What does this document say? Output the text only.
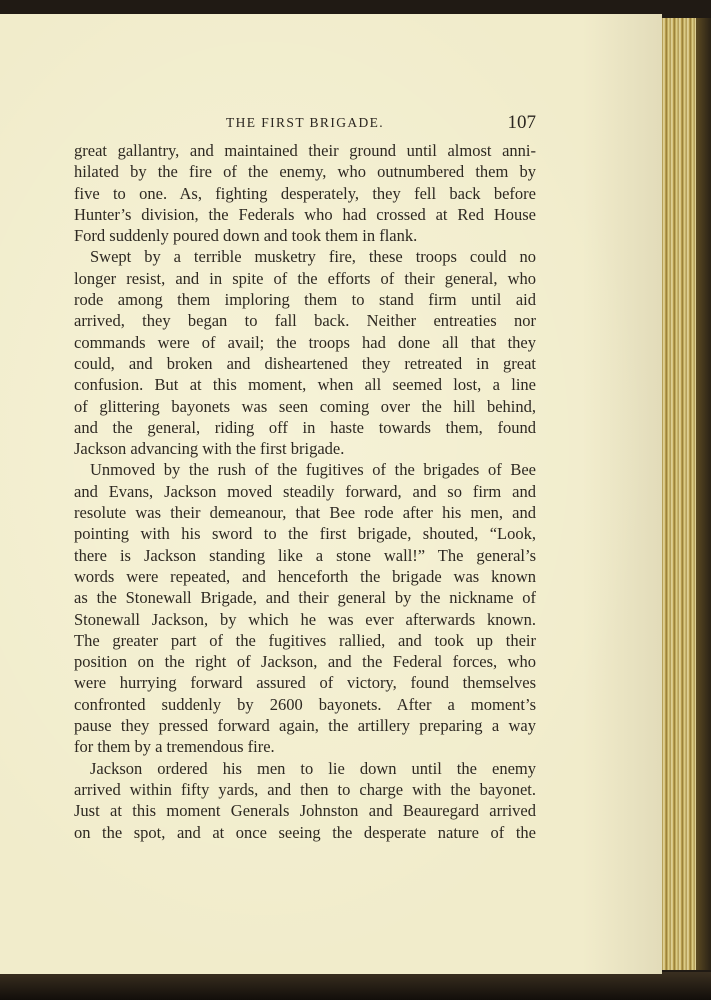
THE FIRST BRIGADE.	107
great gallantry, and maintained their ground until almost anni-
hilated by the fire of the enemy, who outnumbered them by
five to one. As, fighting desperately, they fell back before
Hunter’s division, the Federals who had crossed at Red House
Ford suddenly poured down and took them in flank.
Swept by a terrible musketry fire, these troops could no
longer resist, and in spite of the efforts of their general, who
rode among them imploring them to stand firm until aid
arrived, they began to fall back. Neither entreaties nor
commands were of avail; the troops had done all that they
could, and broken and disheartened they retreated in great
confusion. But at this moment, when all seemed lost, a line
of glittering bayonets was seen coming over the hill behind,
and the general, riding off in haste towards them, found
Jackson advancing with the first brigade.
Unmoved by the rush of the fugitives of the brigades of Bee
and Evans, Jackson moved steadily forward, and so firm and
resolute was their demeanour, that Bee rode after his men, and
pointing with his sword to the first brigade, shouted, “Look,
there is Jackson standing like a stone wall!” The general’s
words were repeated, and henceforth the brigade was known
as the Stonewall Brigade, and their general by the nickname of
Stonewall Jackson, by which he was ever afterwards known.
The greater part of the fugitives rallied, and took up their
position on the right of Jackson, and the Federal forces, who
were hurrying forward assured of victory, found themselves
confronted suddenly by 2600 bayonets. After a moment’s
pause they pressed forward again, the artillery preparing a way
for them by a tremendous fire.
Jackson ordered his men to lie down until the enemy
arrived within fifty yards, and then to charge with the bayonet.
Just at this moment Generals Johnston and Beauregard arrived
on the spot, and at once seeing the desperate nature of the
